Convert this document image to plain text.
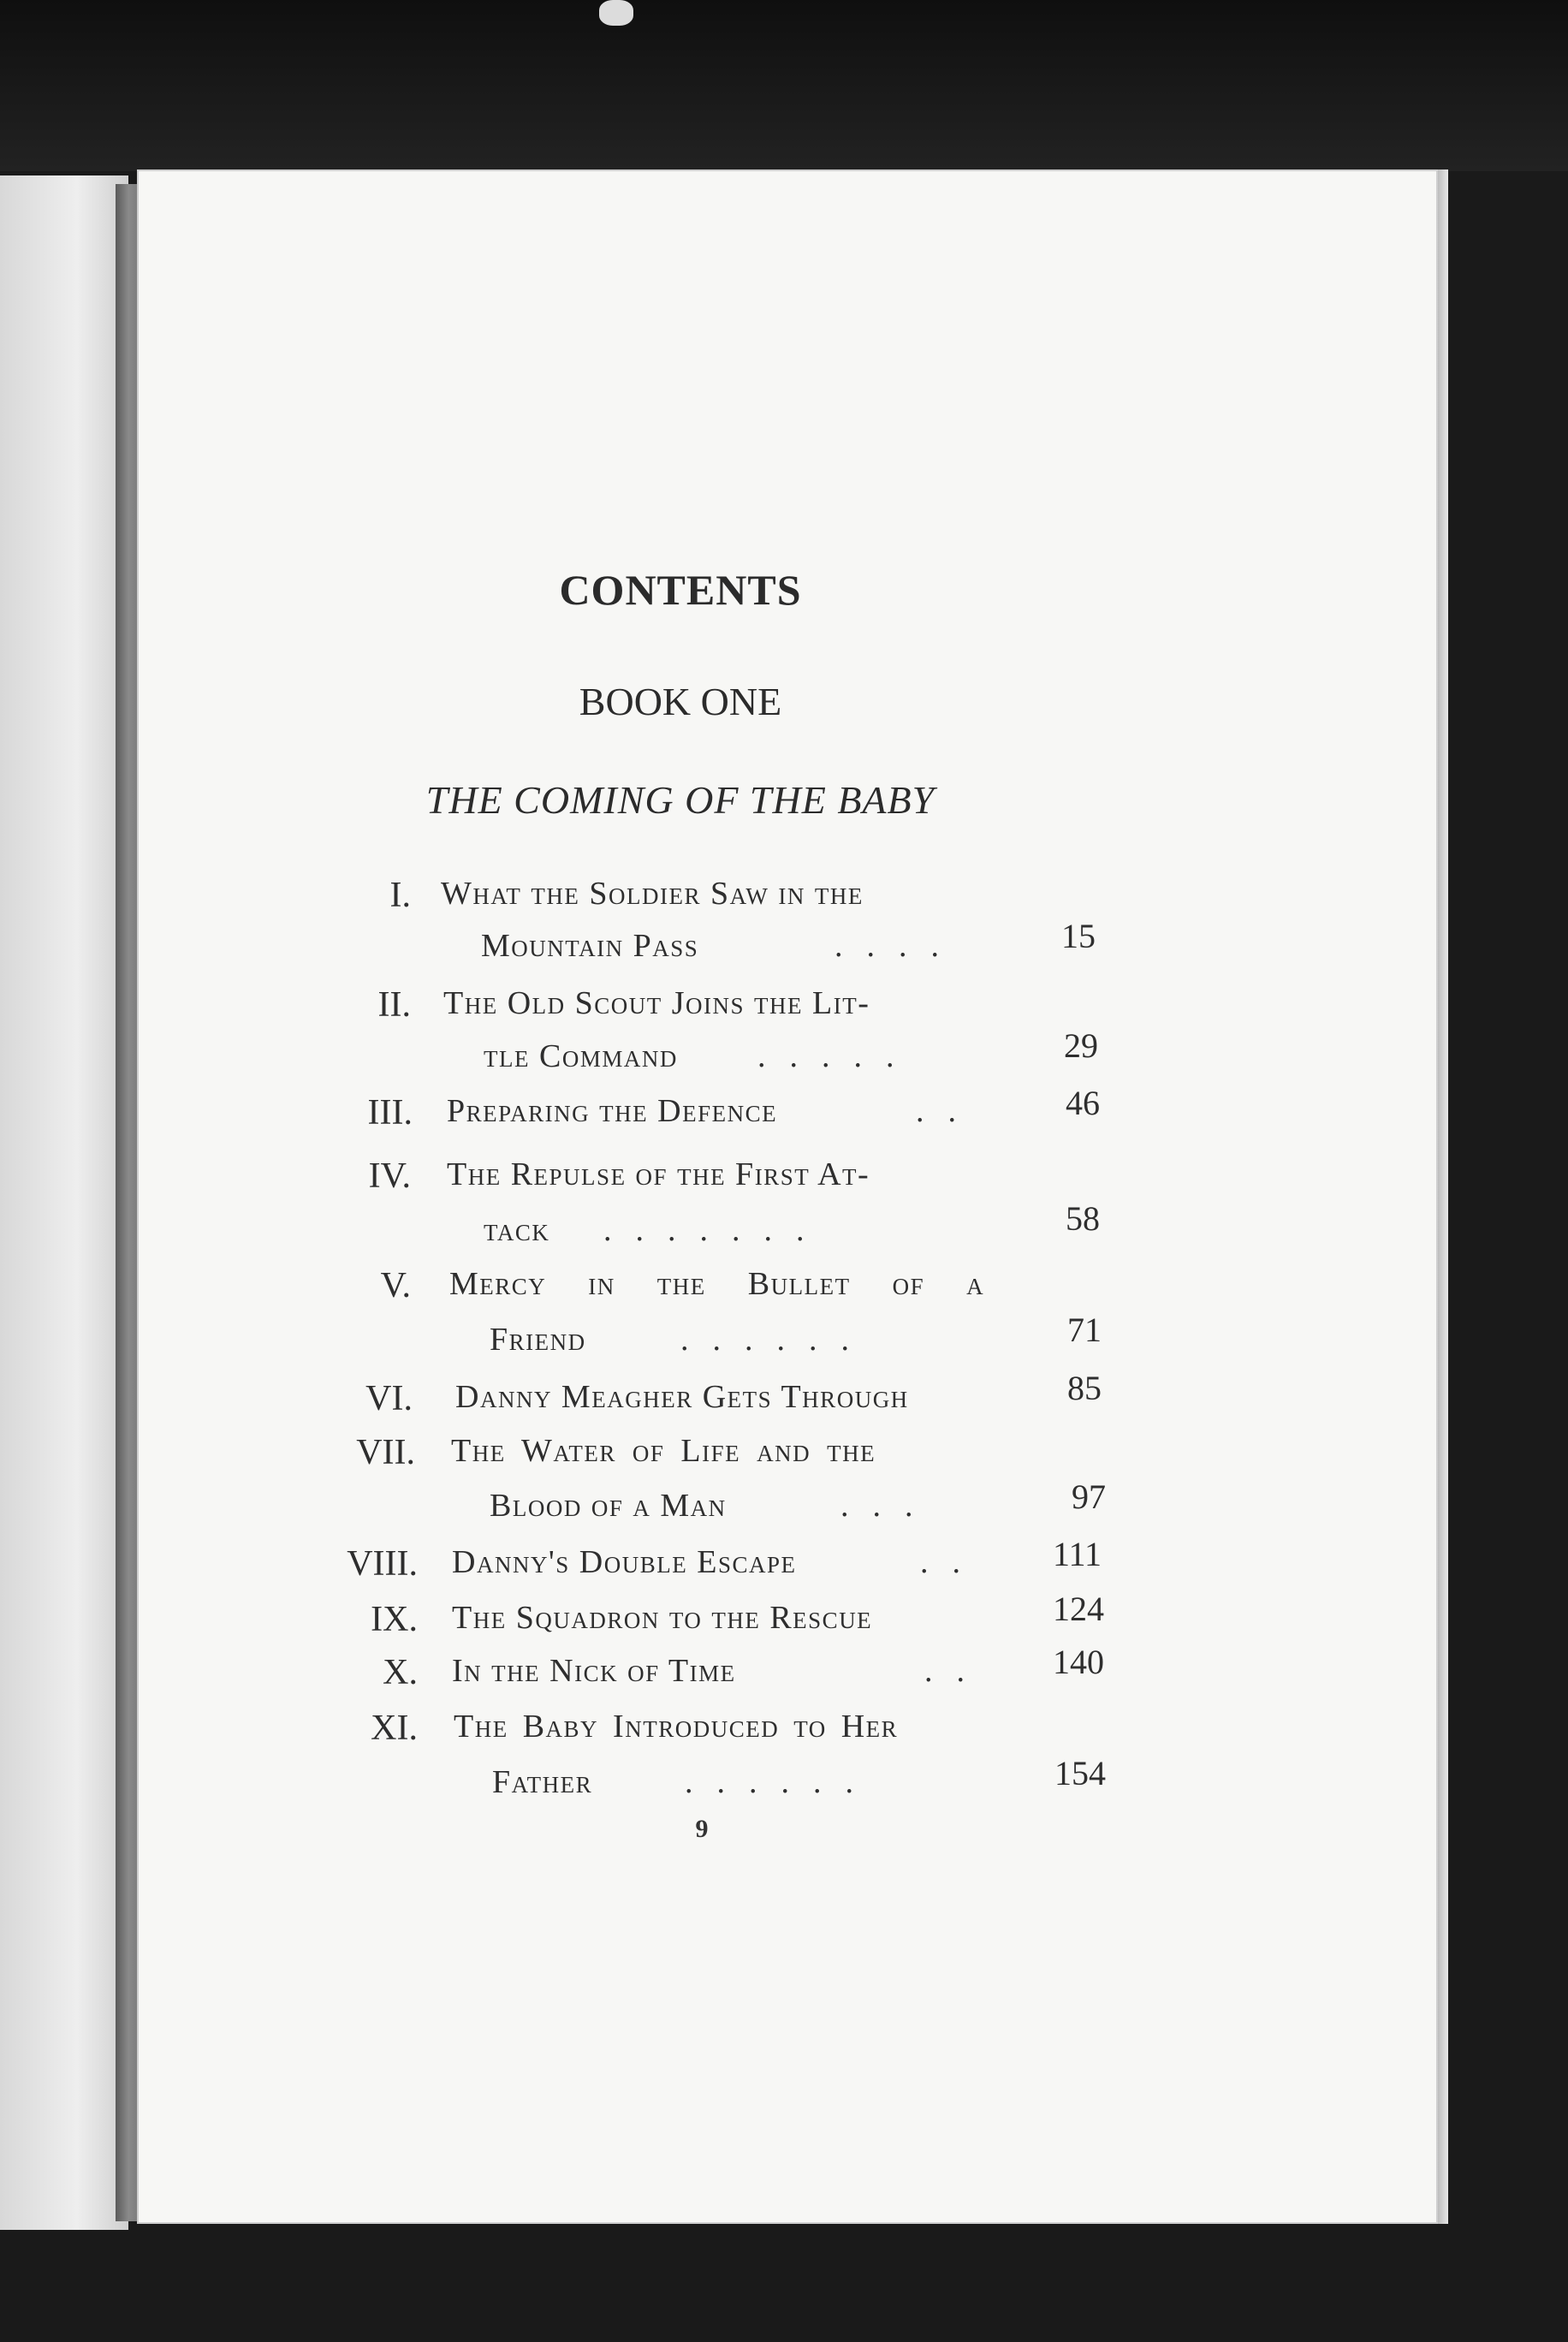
CONTENTS
BOOK ONE
THE COMING OF THE BABY
I. What the Soldier Saw in the
Mountain Pass	....	15
II. The Old Scout Joins the Lit-
tle Command .....	29
III. Preparing the Defence	..	46
IV. The Repulse of the First At-
tack .......	58
V. Mercy in the Bullet of a
Friend	......	71
VI. Danny Meagher Gets Through	85
VII. The Water of Life and the
Blood of a Man	...	97
VIII. Danny's Double Escape	.. 111
IX. The Squadron to the Rescue	124
X. In the Nick of Time	.. 140
XI. The Baby Introduced to Her
Father	......	154
9
